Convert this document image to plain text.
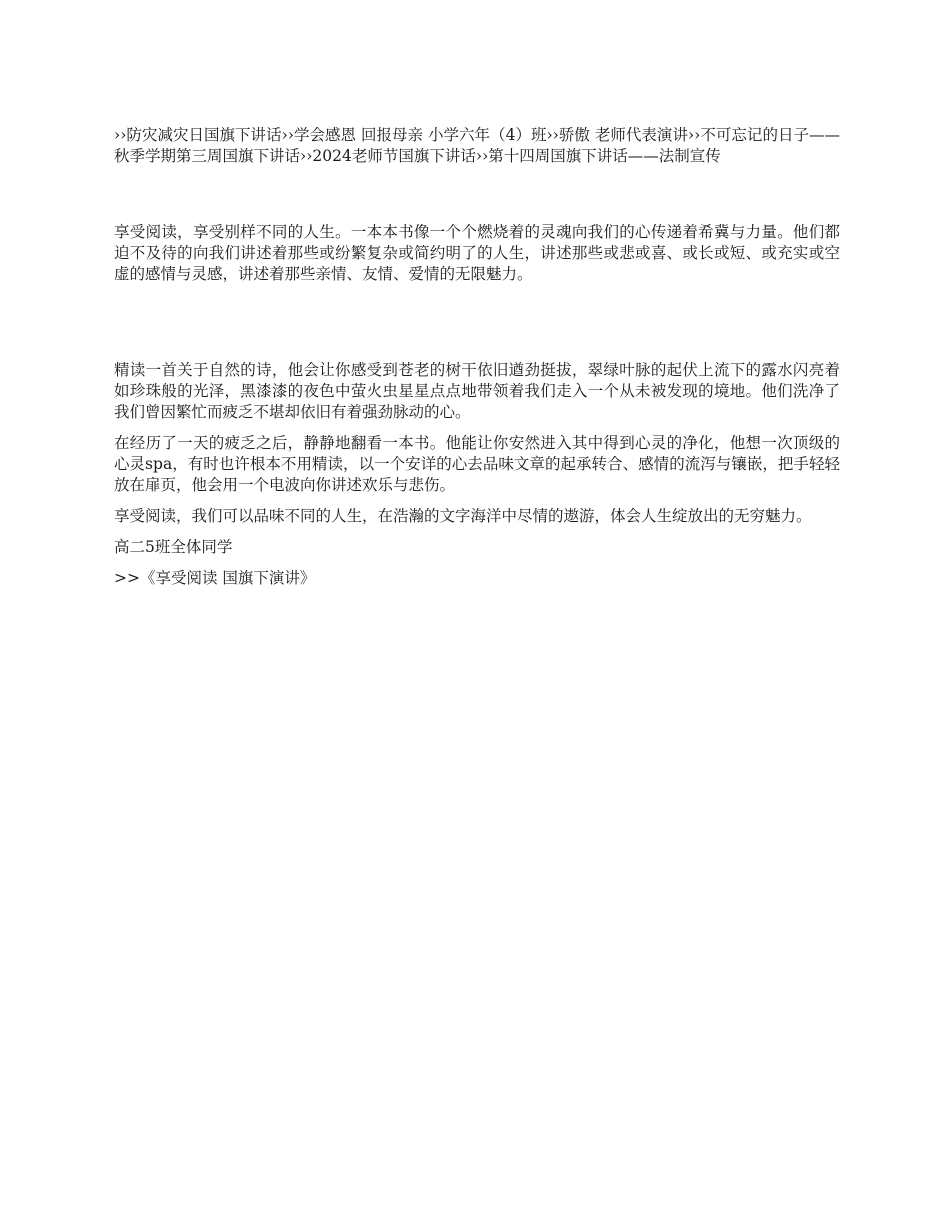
››防灾减灾日国旗下讲话››学会感恩 回报母亲 小学六年（4）班››骄傲 老师代表演讲››不可忘记的日子—— 秋季学期第三周国旗下讲话››2024老师节国旗下讲话››第十四周国旗下讲话——法制宣传

享受阅读，享受别样不同的人生。一本本书像一个个燃烧着的灵魂向我们的心传递着希冀与力量。他们都迫不及待的向我们讲述着那些或纷繁复杂或简约明了的人生，讲述那些或悲或喜、或长或短、或充实或空虚的感情与灵感，讲述着那些亲情、友情、爱情的无限魅力。

精读一首关于自然的诗，他会让你感受到苍老的树干依旧遒劲挺拔，翠绿叶脉的起伏上流下的露水闪亮着如珍珠般的光泽，黑漆漆的夜色中萤火虫星星点点地带领着我们走入一个从未被发现的境地。他们洗净了我们曾因繁忙而疲乏不堪却依旧有着强劲脉动的心。

在经历了一天的疲乏之后，静静地翻看一本书。他能让你安然进入其中得到心灵的净化，他想一次顶级的心灵spa，有时也许根本不用精读，以一个安详的心去品味文章的起承转合、感情的流泻与镶嵌，把手轻轻放在扉页，他会用一个电波向你讲述欢乐与悲伤。

享受阅读，我们可以品味不同的人生，在浩瀚的文字海洋中尽情的遨游，体会人生绽放出的无穷魅力。

高二5班全体同学

>>《享受阅读 国旗下演讲》
